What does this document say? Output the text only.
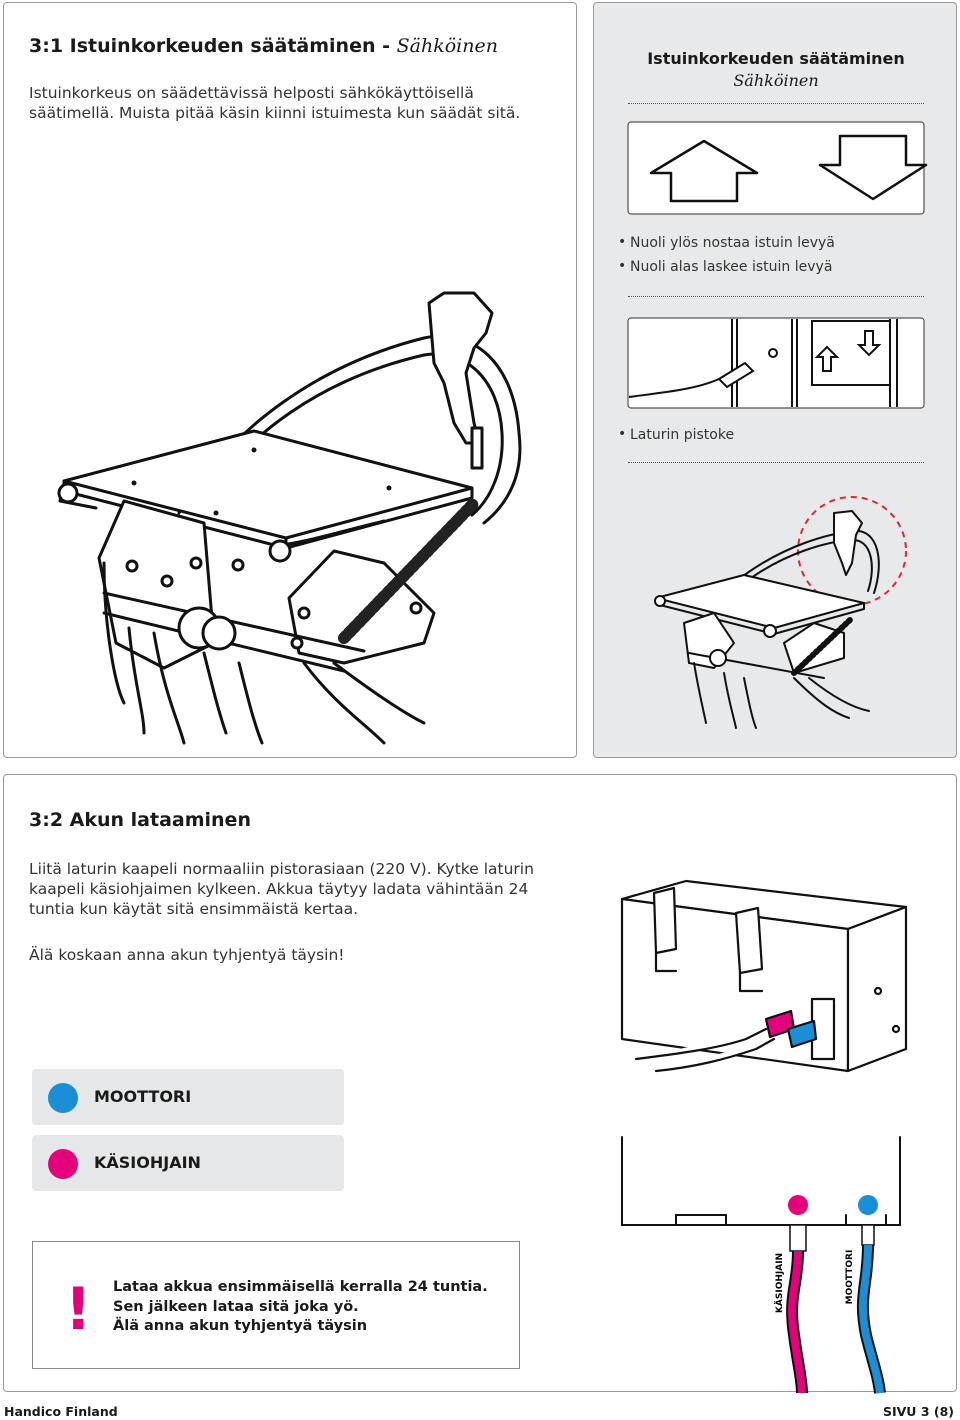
3:1 Istuinkorkeuden säätäminen - Sähköinen
Istuinkorkeus on säädettävissä helposti sähkökäyttöisellä säätimellä. Muista pitää käsin kiinni istuimesta kun säädät sitä.
Istuinkorkeuden säätäminen
Sähköinen
• Nuoli ylös nostaa istuin levyä
• Nuoli alas laskee istuin levyä
• Laturin pistoke
3:2 Akun lataaminen
Liitä laturin kaapeli normaaliin pistorasiaan (220 V). Kytke laturin kaapeli käsiohjaimen kylkeen. Akkua täytyy ladata vähintään 24 tuntia kun käytät sitä ensimmäistä kertaa.
Älä koskaan anna akun tyhjentyä täysin!
MOOTTORI
KÄSIOHJAIN
KÄSIOHJAIN	MOOTTORI
! Lataa akkua ensimmäisellä kerralla 24 tuntia.
Sen jälkeen lataa sitä joka yö.
Älä anna akun tyhjentyä täysin
Handico Finland	SIVU 3 (8)
